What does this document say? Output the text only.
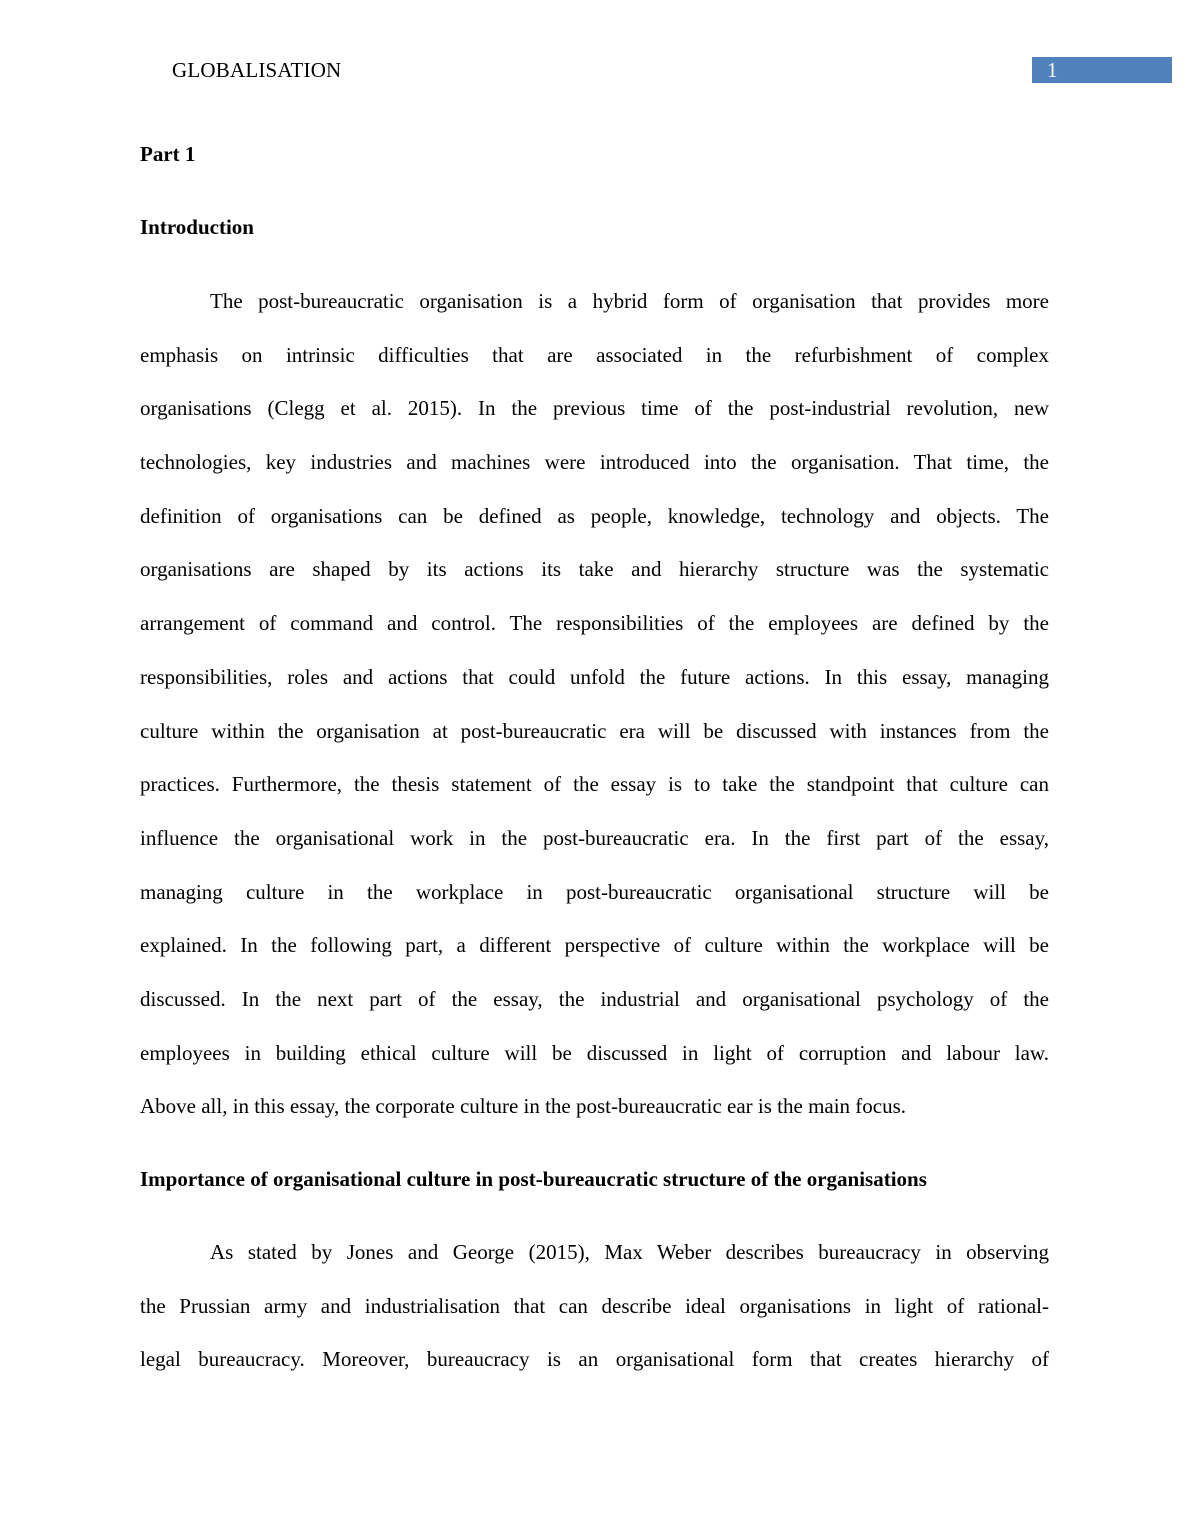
GLOBALISATION	1
Part 1
Introduction
The post-bureaucratic organisation is a hybrid form of organisation that provides more
emphasis on intrinsic difficulties that are associated in the refurbishment of complex
organisations (Clegg et al. 2015). In the previous time of the post-industrial revolution, new
technologies, key industries and machines were introduced into the organisation. That time, the
definition of organisations can be defined as people, knowledge, technology and objects. The
organisations are shaped by its actions its take and hierarchy structure was the systematic
arrangement of command and control. The responsibilities of the employees are defined by the
responsibilities, roles and actions that could unfold the future actions. In this essay, managing
culture within the organisation at post-bureaucratic era will be discussed with instances from the
practices. Furthermore, the thesis statement of the essay is to take the standpoint that culture can
influence the organisational work in the post-bureaucratic era. In the first part of the essay,
managing culture in the workplace in post-bureaucratic organisational structure will be
explained. In the following part, a different perspective of culture within the workplace will be
discussed. In the next part of the essay, the industrial and organisational psychology of the
employees in building ethical culture will be discussed in light of corruption and labour law.
Above all, in this essay, the corporate culture in the post-bureaucratic ear is the main focus.
Importance of organisational culture in post-bureaucratic structure of the organisations
As stated by Jones and George (2015), Max Weber describes bureaucracy in observing
the Prussian army and industrialisation that can describe ideal organisations in light of rational-
legal bureaucracy. Moreover, bureaucracy is an organisational form that creates hierarchy of
